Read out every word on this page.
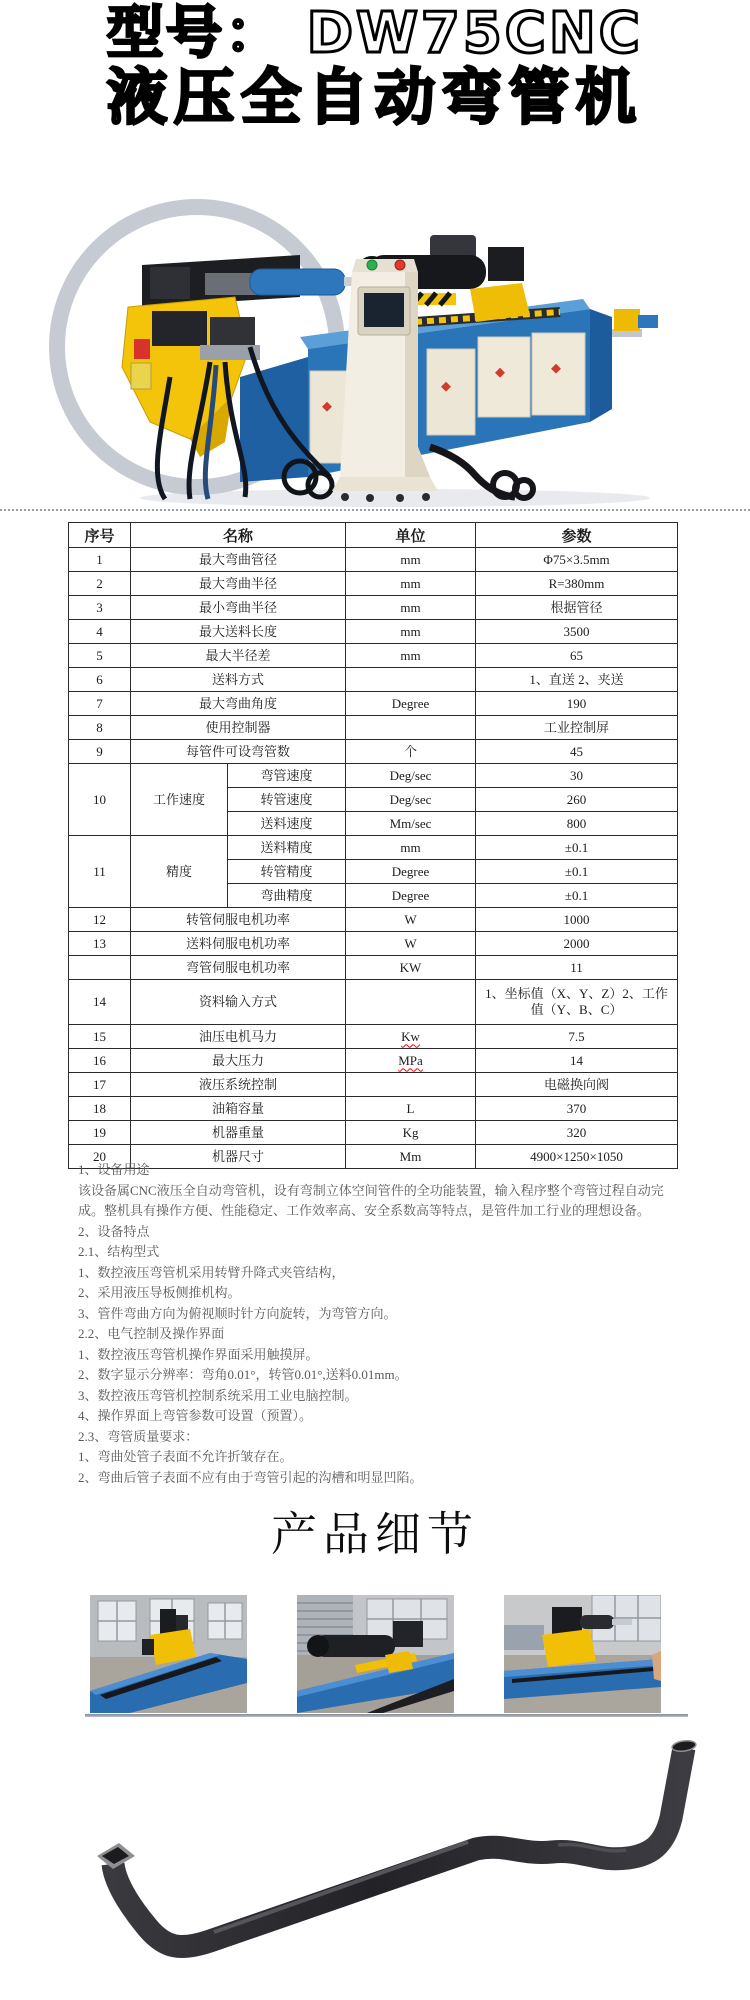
型号： DW75CNC
液压全自动弯管机
序号	名称		单位	参数
1	最大弯曲管径		mm	Φ75×3.5mm
2	最大弯曲半径		mm	R=380mm
3	最小弯曲半径		mm	根据管径
4	最大送料长度		mm	3500
5	最大半径差		mm	65
6	送料方式			1、直送 2、夹送
7	最大弯曲角度		Degree	190
8	使用控制器			工业控制屏
9	每管件可设弯管数		个	45
10	工作速度	弯管速度	Deg/sec	30
		转管速度	Deg/sec	260
		送料速度	Mm/sec	800
11	精度	送料精度	mm	±0.1
		转管精度	Degree	±0.1
		弯曲精度	Degree	±0.1
12	转管伺服电机功率		W	1000
13	送料伺服电机功率		W	2000
	弯管伺服电机功率		KW	11
14	资料输入方式			1、坐标值（X、Y、Z）2、工作值（Y、B、C）
15	油压电机马力		Kw	7.5
16	最大压力		MPa	14
17	液压系统控制			电磁换向阀
18	油箱容量		L	370
19	机器重量		Kg	320
20	机器尺寸		Mm	4900×1250×1050
1、设备用途
该设备属CNC液压全自动弯管机，设有弯制立体空间管件的全功能装置，输入程序整个弯管过程自动完
成。整机具有操作方便、性能稳定、工作效率高、安全系数高等特点，是管件加工行业的理想设备。
2、设备特点
2.1、结构型式
1、数控液压弯管机采用转臂升降式夹管结构，
2、采用液压导板侧推机构。
3、管件弯曲方向为俯视顺时针方向旋转，为弯管方向。
2.2、电气控制及操作界面
1、数控液压弯管机操作界面采用触摸屏。
2、数字显示分辨率：弯角0.01°，转管0.01°,送料0.01mm。
3、数控液压弯管机控制系统采用工业电脑控制。
4、操作界面上弯管参数可设置（预置）。
2.3、弯管质量要求：
1、弯曲处管子表面不允许折皱存在。
2、弯曲后管子表面不应有由于弯管引起的沟槽和明显凹陷。
产品细节
